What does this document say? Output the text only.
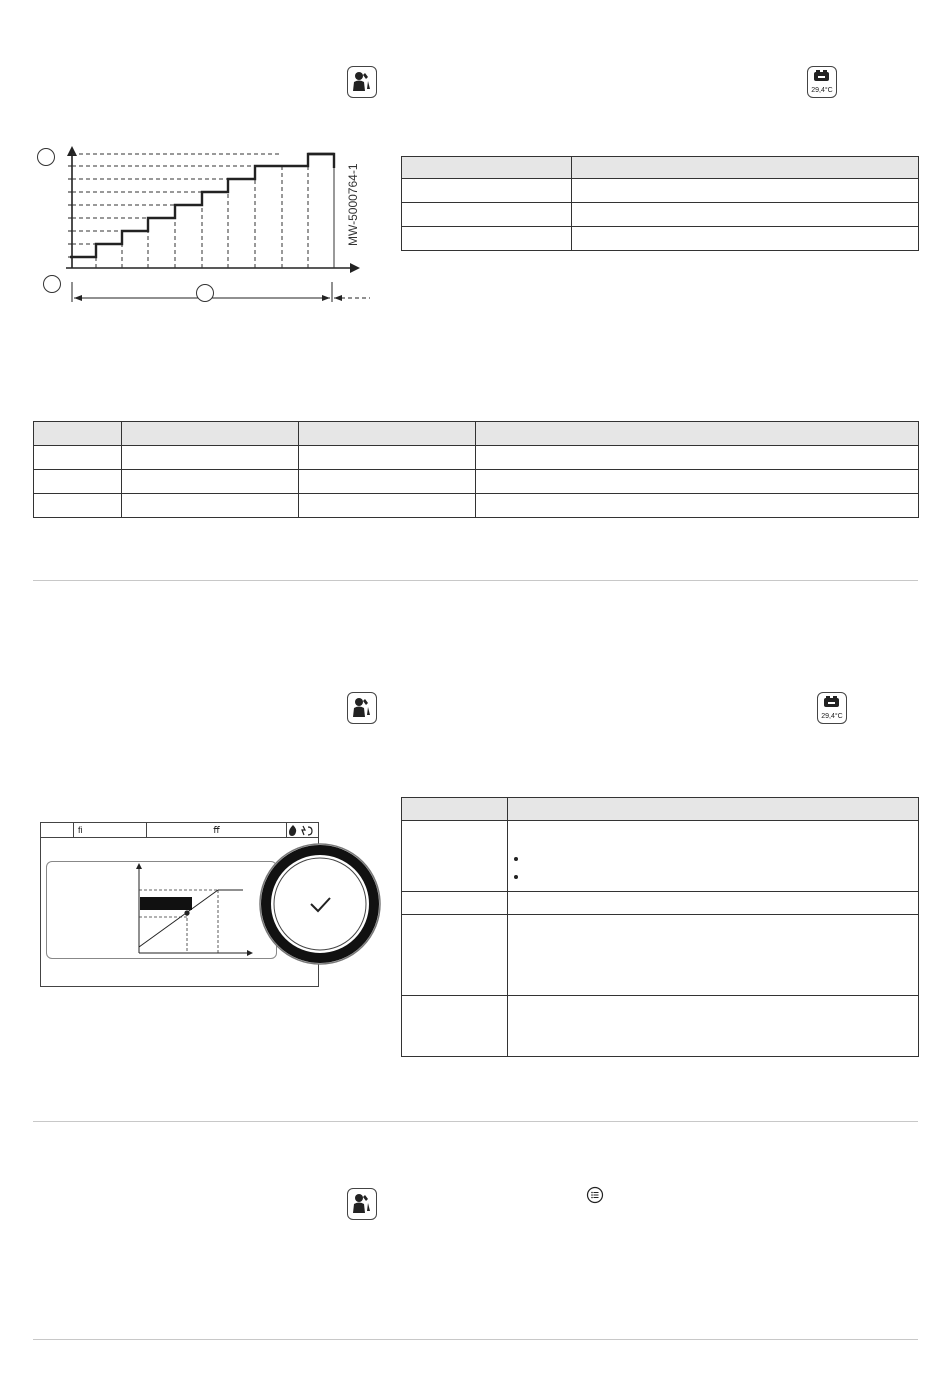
29,4°C
MW-5000764-1

29,4°C
ﬁ	ﬀ
